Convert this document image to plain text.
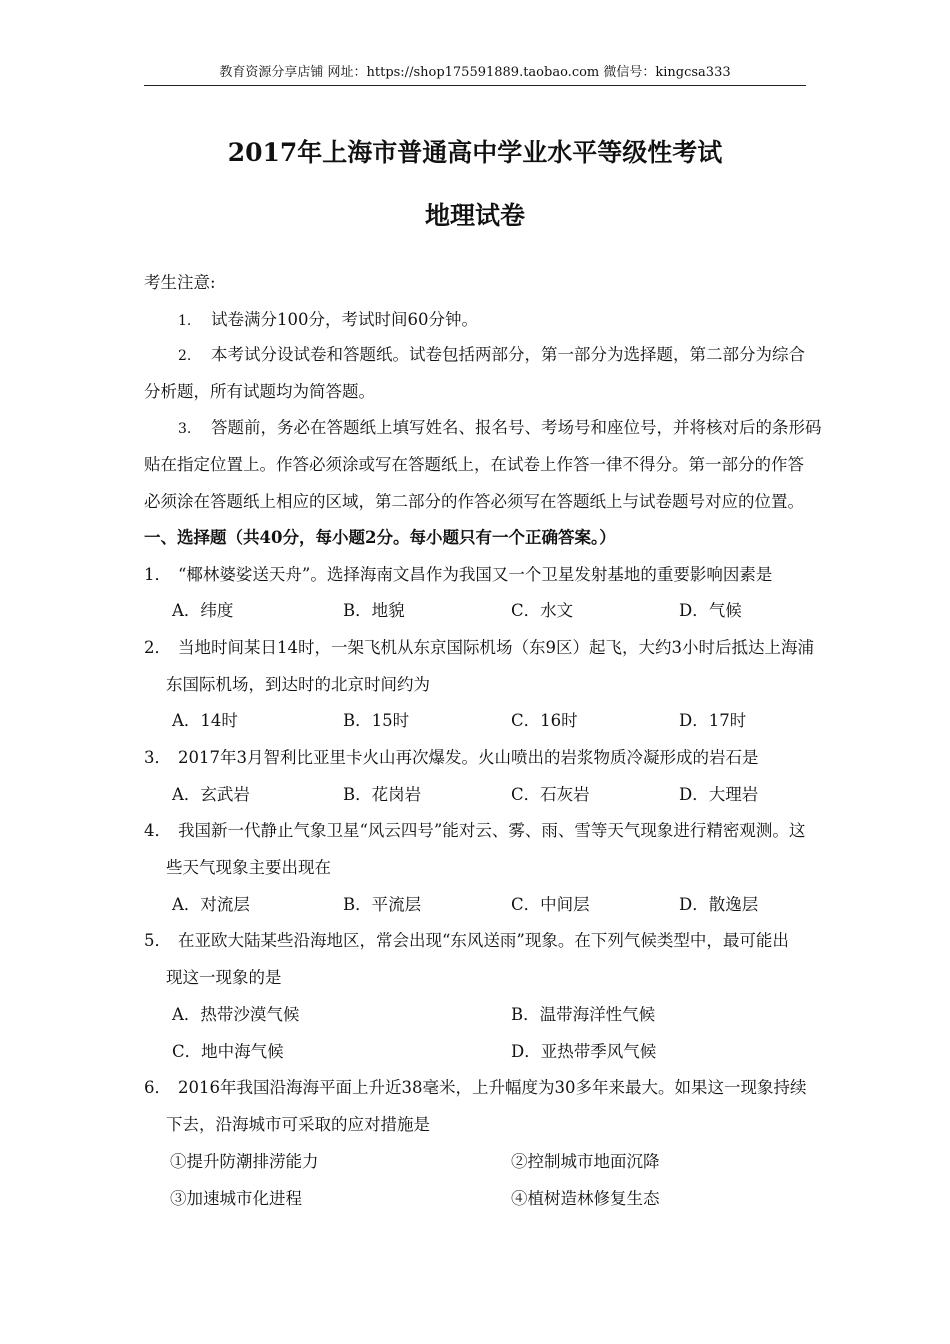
教育资源分享店铺 网址：https://shop175591889.taobao.com 微信号：kingcsa333
2017年上海市普通高中学业水平等级性考试
地理试卷
考生注意:
1. 试卷满分100分，考试时间60分钟。
2. 本考试分设试卷和答题纸。试卷包括两部分，第一部分为选择题，第二部分为综合
分析题，所有试题均为简答题。
3. 答题前，务必在答题纸上填写姓名、报名号、考场号和座位号，并将核对后的条形码
贴在指定位置上。作答必须涂或写在答题纸上，在试卷上作答一律不得分。第一部分的作答
必须涂在答题纸上相应的区域，第二部分的作答必须写在答题纸上与试卷题号对应的位置。
一、选择题（共40分，每小题2分。每小题只有一个正确答案。）
1． “椰林婆娑送天舟”。选择海南文昌作为我国又一个卫星发射基地的重要影响因素是
A．纬度	B．地貌	C．水文	D．气候
2． 当地时间某日14时，一架飞机从东京国际机场（东9区）起飞，大约3小时后抵达上海浦
东国际机场，到达时的北京时间约为
A．14时	B．15时	C．16时	D．17时
3． 2017年3月智利比亚里卡火山再次爆发。火山喷出的岩浆物质冷凝形成的岩石是
A．玄武岩	B．花岗岩	C．石灰岩	D．大理岩
4． 我国新一代静止气象卫星“风云四号”能对云、雾、雨、雪等天气现象进行精密观测。这
些天气现象主要出现在
A．对流层	B．平流层	C．中间层	D．散逸层
5． 在亚欧大陆某些沿海地区，常会出现“东风送雨”现象。在下列气候类型中，最可能出
现这一现象的是
A．热带沙漠气候	B．温带海洋性气候
C．地中海气候	D．亚热带季风气候
6． 2016年我国沿海海平面上升近38毫米，上升幅度为30多年来最大。如果这一现象持续
下去，沿海城市可采取的应对措施是
①提升防潮排涝能力	②控制城市地面沉降
③加速城市化进程	④植树造林修复生态
